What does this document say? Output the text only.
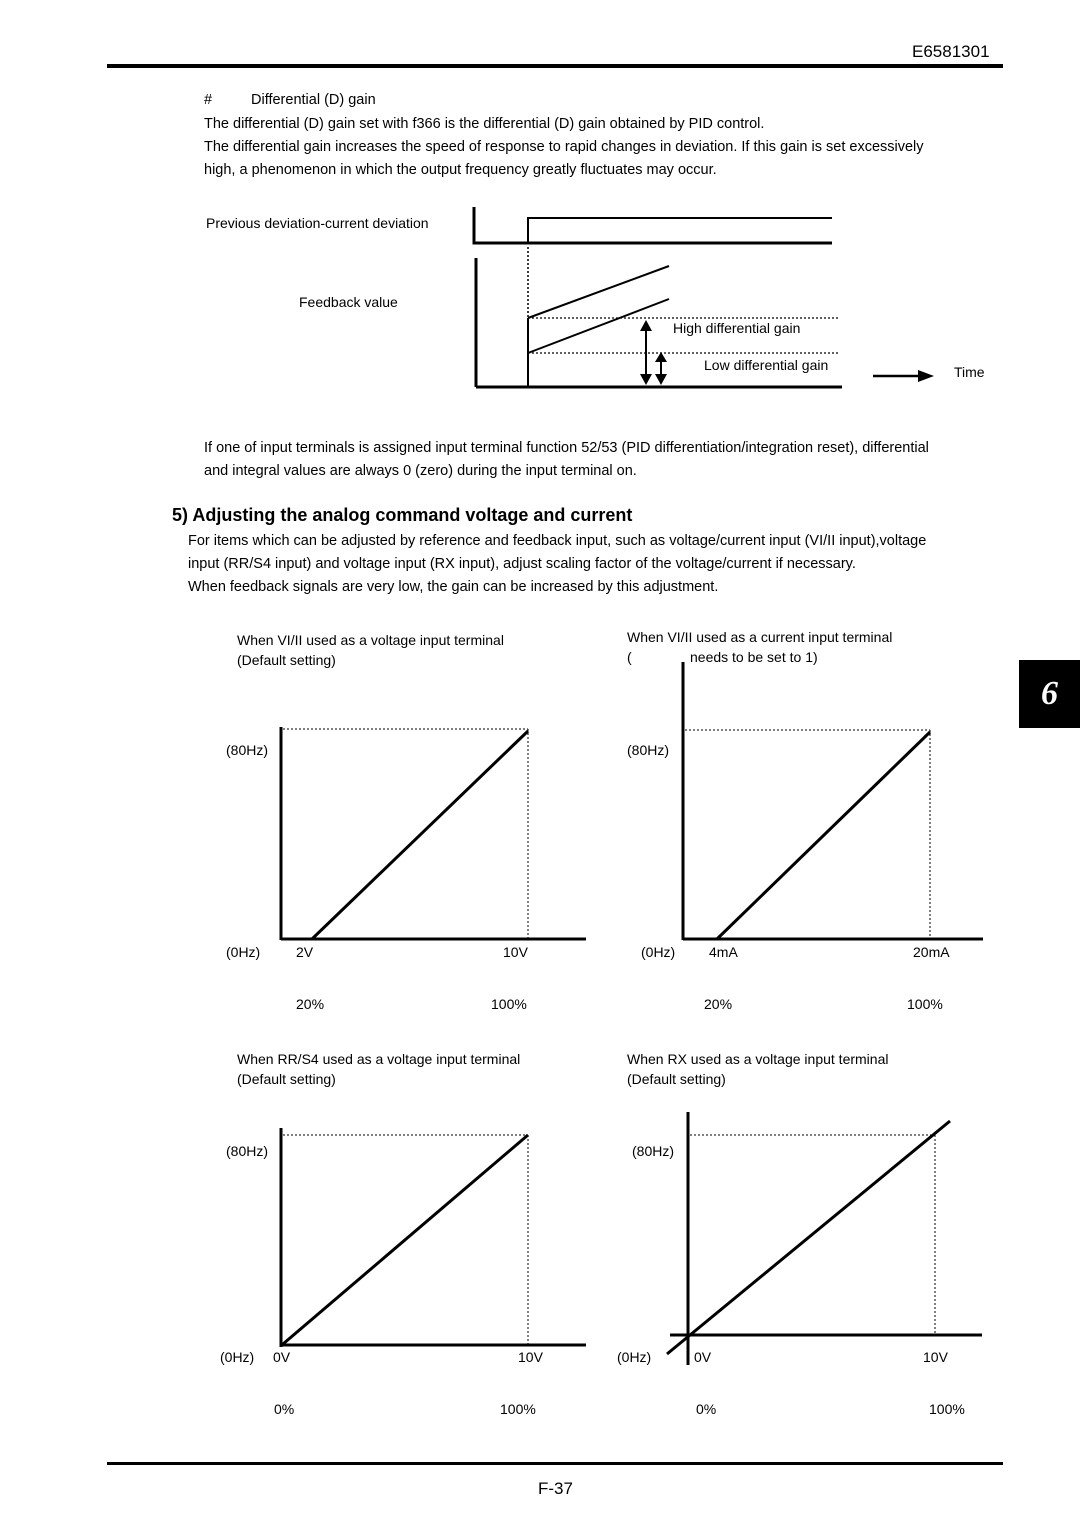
E6581301
6
#	Differential (D) gain
The differential (D) gain set with f366 is the differential (D) gain obtained by PID control.
The differential gain increases the speed of response to rapid changes in deviation. If this gain is set excessively
high, a phenomenon in which the output frequency greatly fluctuates may occur.
Previous deviation-current deviation
Feedback value
High differential gain
Low differential gain	Time
If one of input terminals is assigned input terminal function 52/53 (PID differentiation/integration reset), differential
and integral values are always 0 (zero) during the input terminal on.
5) Adjusting the analog command voltage and current
For items which can be adjusted by reference and feedback input, such as voltage/current input (VI/II input),voltage
input (RR/S4 input) and voltage input (RX input), adjust scaling factor of the voltage/current if necessary.
When feedback signals are very low, the gain can be increased by this adjustment.
When VI/II used as a voltage input terminal
(Default setting)
When VI/II used as a current input terminal
(	needs to be set to 1)
When RR/S4 used as a voltage input terminal
(Default setting)
When RX used as a voltage input terminal
(Default setting)
(80Hz)
(0Hz)	2V	10V
20%	100%
(80Hz)
(0Hz) 4mA	20mA
20%	100%
(80Hz)
(0Hz) 0V	10V
0%	100%
(80Hz)
(0Hz)	0V	10V
0%	100%
F-37
